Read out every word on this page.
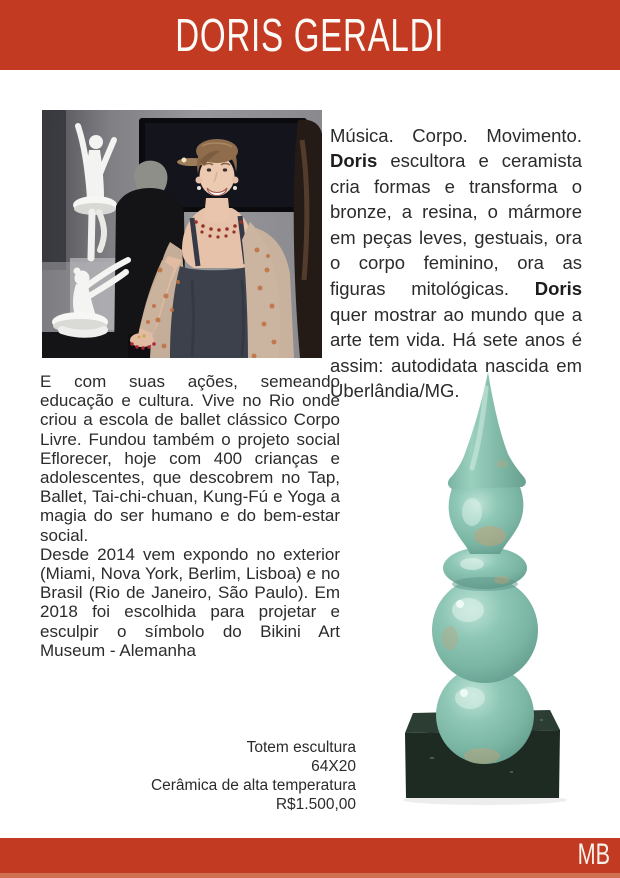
DORIS GERALDI

Música. Corpo. Movimento. Doris escultora e ceramista cria formas e transforma o bronze, a resina, o mármore em peças leves, gestuais, ora o corpo feminino, ora as figuras mitológicas. Doris quer mostrar ao mundo que a arte tem vida. Há sete anos é assim: autodidata nascida em Uberlândia/MG.

E com suas ações, semeando educação e cultura. Vive no Rio onde criou a escola de ballet clássico Corpo Livre. Fundou também o projeto social Eflorecer, hoje com 400 crianças e adolescentes, que descobrem no Tap, Ballet, Tai-chi-chuan, Kung-Fú e Yoga a magia do ser humano e do bem-estar social.

Desde 2014 vem expondo no exterior (Miami, Nova York, Berlim, Lisboa) e no Brasil (Rio de Janeiro, São Paulo). Em 2018 foi escolhida para projetar e esculpir o símbolo do Bikini Art Museum - Alemanha

Totem escultura
64X20
Cerâmica de alta temperatura
R$1.500,00
MB
